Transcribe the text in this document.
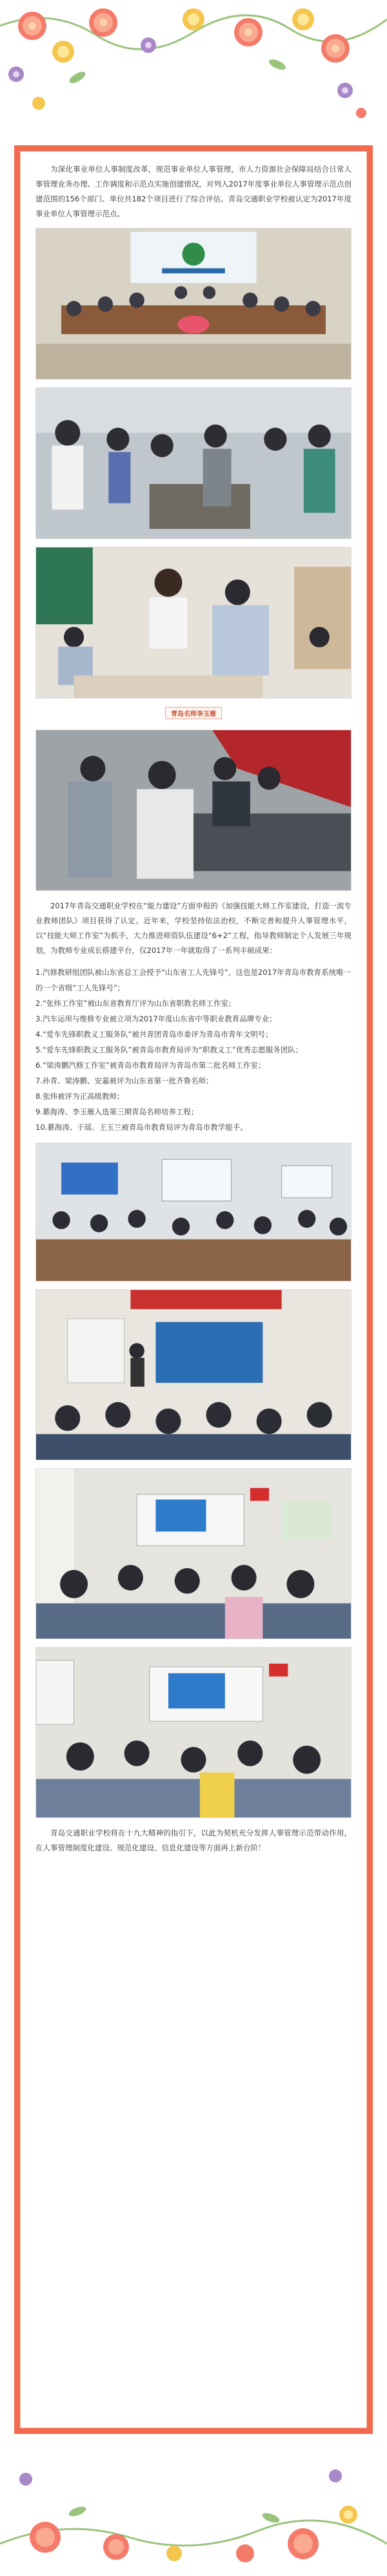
为深化事业单位人事制度改革，规范事业单位人事管理，市人力资源社会保障局结合日常人事管理业务办理、工作调度和示范点实施创建情况，对列入2017年度事业单位人事管理示范点创建范围的156个部门、单位共182个项目进行了综合评估。青岛交通职业学校被认定为2017年度事业单位人事管理示范点。

青岛名师李玉雁

2017年青岛交通职业学校在“能力建设”方面申报的《加强技能大师工作室建设，打造一流专业教师团队》项目获得了认定。近年来，学校坚持依法治校，不断完善和提升人事管理水平，以“技能大师工作室”为抓手，大力推进师资队伍建设“6+2”工程，指导教师制定个人发展三年规划，为教师专业成长搭建平台，仅2017年一年就取得了一系列丰硕成果：

1.汽修教研组团队被山东省总工会授予“山东省工人先锋号”，这也是2017年青岛市教育系统唯一的一个省级“工人先锋号”；
2.“张炜工作室”被山东省教育厅评为山东省职教名师工作室；
3.汽车运用与维修专业被立项为2017年度山东省中等职业教育品牌专业；
4.“爱车先锋职教义工服务队”被共青团青岛市委评为青岛市青年文明号；
5.“爱车先锋职教义工服务队”被青岛市教育局评为“职教义工”优秀志愿服务团队；
6.“梁涛鹏汽修工作室”被青岛市教育局评为青岛市第二批名师工作室；
7.孙青、梁涛鹏、安嘉被评为山东省第一批齐鲁名师；
8.张炜被评为正高级教师；
9.綦海涛、李玉雁入选第三期青岛名师培养工程；
10.綦海涛、于瑶、王玉兰被青岛市教育局评为青岛市教学能手。

青岛交通职业学校将在十九大精神的指引下，以此为契机充分发挥人事管理示范带动作用，在人事管理制度化建设、规范化建设、信息化建设等方面再上新台阶！
